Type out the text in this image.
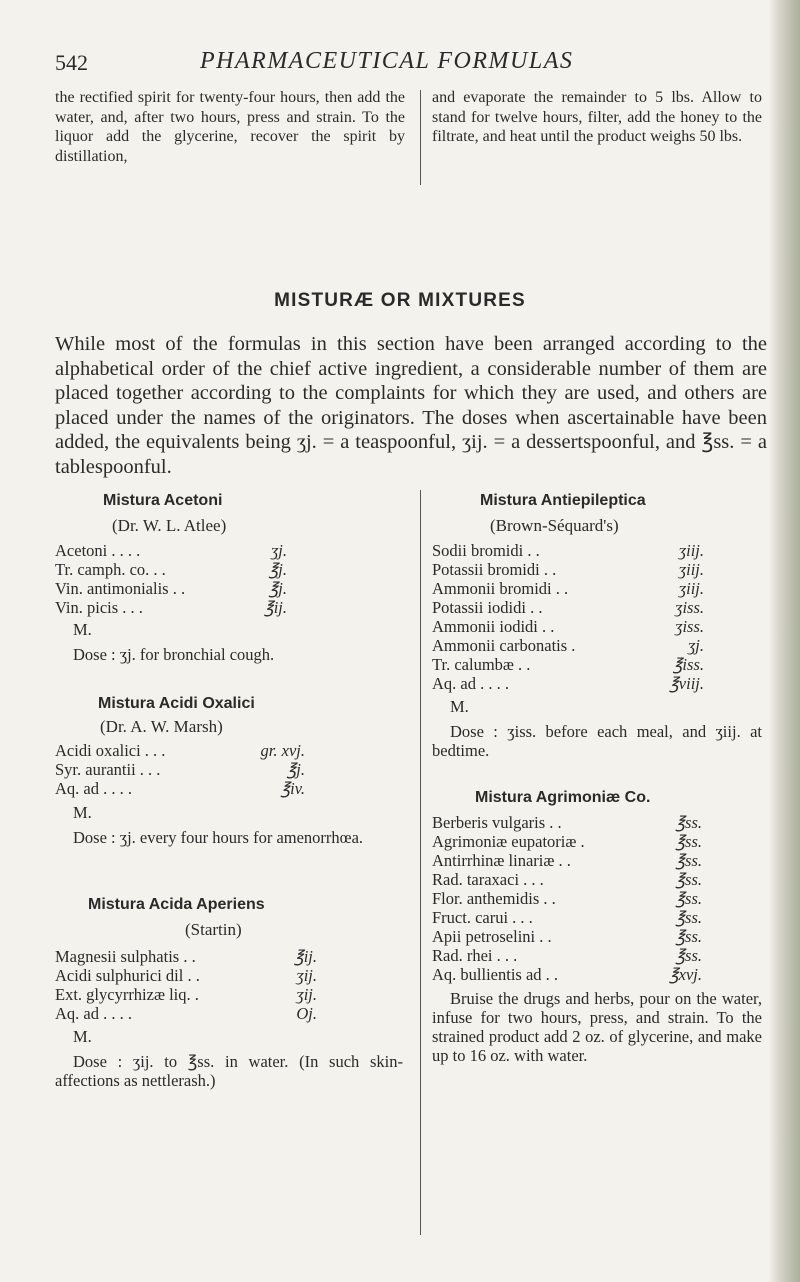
542	PHARMACEUTICAL FORMULAS
the rectified spirit for twenty-four hours, then add the water, and, after two hours, press and strain. To the liquor add the glycerine, recover the spirit by distillation,
and evaporate the remainder to 5 lbs. Allow to stand for twelve hours, filter, add the honey to the filtrate, and heat until the product weighs 50 lbs.
MISTURÆ OR MIXTURES
While most of the formulas in this section have been arranged according to the alphabetical order of the chief active ingredient, a considerable number of them are placed together according to the complaints for which they are used, and others are placed under the names of the originators. The doses when ascertainable have been added, the equivalents being ʒj. = a teaspoonful, ʒij. = a dessertspoonful, and ℥ss. = a tablespoonful.
Mistura Acetoni
(Dr. W. L. Atlee)
Acetoni . . . .	ʒj.
Tr. camph. co. . .	℥j.
Vin. antimonialis . .	℥j.
Vin. picis . . .	℥ij.
M.
Dose : ʒj. for bronchial cough.
Mistura Acidi Oxalici
(Dr. A. W. Marsh)
Acidi oxalici . . .	gr. xvj.
Syr. aurantii . . .	℥j.
Aq. ad . . . .	℥iv.
M.
Dose : ʒj. every four hours for amenorrhœa.
Mistura Acida Aperiens
(Startin)
Magnesii sulphatis . .	℥ij.
Acidi sulphurici dil . .	ʒij.
Ext. glycyrrhizæ liq. .	ʒij.
Aq. ad . . . .	Oj.
M.
Dose : ʒij. to ℥ss. in water. (In such skin-affections as nettlerash.)
Mistura Antiepileptica
(Brown-Séquard's)
Sodii bromidi . .	ʒiij.
Potassii bromidi . .	ʒiij.
Ammonii bromidi . .	ʒiij.
Potassii iodidi . .	ʒiss.
Ammonii iodidi . .	ʒiss.
Ammonii carbonatis .	ʒj.
Tr. calumbæ . .	℥iss.
Aq. ad . . . .	℥viij.
M.
Dose : ʒiss. before each meal, and ʒiij. at bedtime.
Mistura Agrimoniæ Co.
Berberis vulgaris . .	℥ss.
Agrimoniæ eupatoriæ .	℥ss.
Antirrhinæ linariæ . .	℥ss.
Rad. taraxaci . . .	℥ss.
Flor. anthemidis . .	℥ss.
Fruct. carui . . .	℥ss.
Apii petroselini . .	℥ss.
Rad. rhei . . .	℥ss.
Aq. bullientis ad . .	℥xvj.
Bruise the drugs and herbs, pour on the water, infuse for two hours, press, and strain. To the strained product add 2 oz. of glycerine, and make up to 16 oz. with water.
